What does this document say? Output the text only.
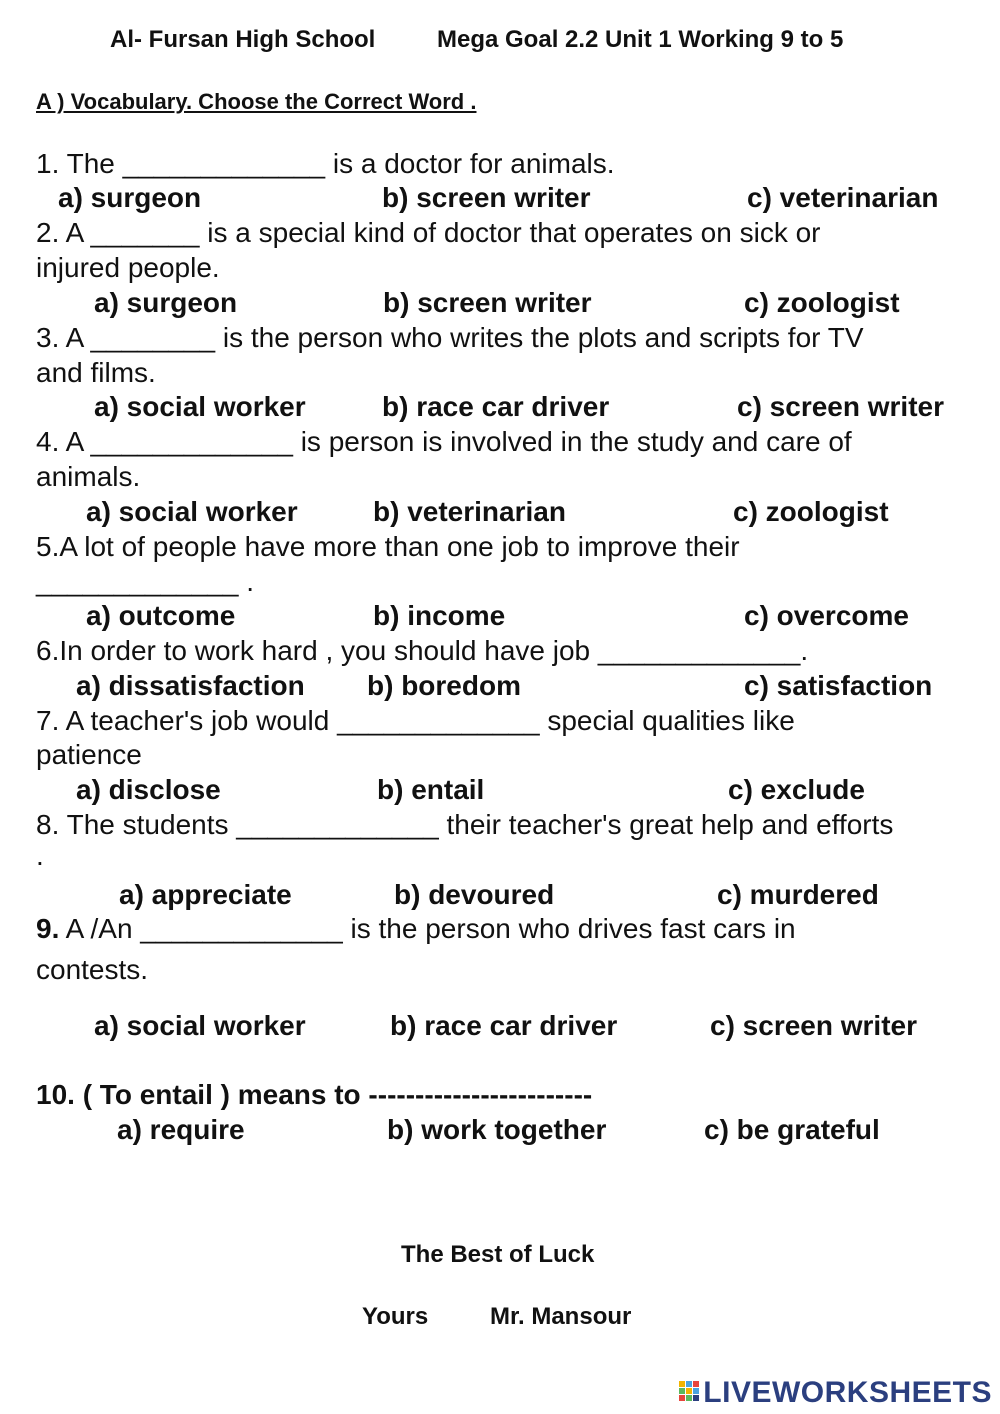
Al- Fursan High School	Mega Goal 2.2 Unit 1 Working 9 to 5
A ) Vocabulary. Choose the Correct Word .
1. The _____________ is a doctor for animals.
a) surgeon	b) screen writer	c) veterinarian
2. A _______ is a special kind of doctor that operates on sick or
injured people.
a) surgeon	b) screen writer	c) zoologist
3. A ________ is the person who writes the plots and scripts for TV
and films.
a) social worker	b) race car driver	c) screen writer
4. A _____________ is person is involved in the study and care of
animals.
a) social worker	b) veterinarian	c) zoologist
5.A lot of people have more than one job to improve their
_____________ .
a) outcome	b) income	c) overcome
6.In order to work hard , you should have job _____________.
a) dissatisfaction b) boredom	c) satisfaction
7. A teacher's job would _____________ special qualities like
patience
a) disclose	b) entail	c) exclude
8. The students _____________ their teacher's great help and efforts
.
a) appreciate	b) devoured	c) murdered
9. A /An _____________ is the person who drives fast cars in
contests.
a) social worker	b) race car driver	c) screen writer
10. ( To entail ) means to ------------------------
a) require	b) work together	c) be grateful
The Best of Luck
Yours	Mr. Mansour
LIVEWORKSHEETS
